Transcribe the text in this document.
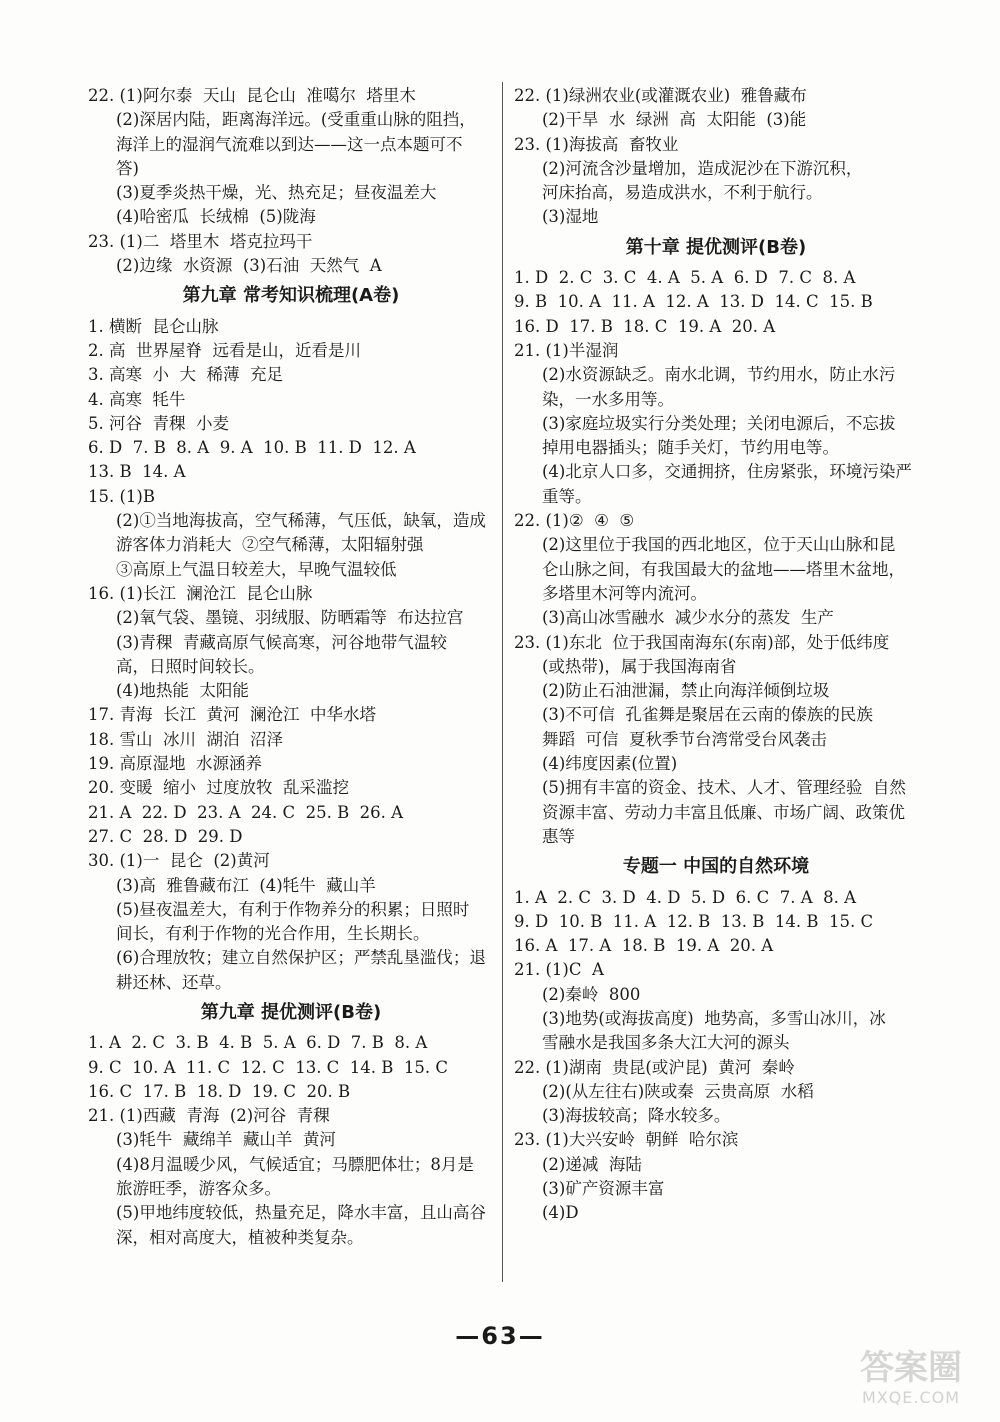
22. (1)阿尔泰  天山  昆仑山  准噶尔  塔里木
(2)深居内陆，距离海洋远。(受重重山脉的阻挡，
海洋上的湿润气流难以到达——这一点本题可不
答)
(3)夏季炎热干燥，光、热充足；昼夜温差大
(4)哈密瓜  长绒棉  (5)陇海
23. (1)二  塔里木  塔克拉玛干
(2)边缘  水资源  (3)石油  天然气  A
第九章 常考知识梳理(A卷)
1. 横断  昆仑山脉
2. 高  世界屋脊  远看是山，近看是川
3. 高寒  小  大  稀薄  充足
4. 高寒  牦牛
5. 河谷  青稞  小麦
6. D  7. B  8. A  9. A  10. B  11. D  12. A
13. B  14. A
15. (1)B
(2)①当地海拔高，空气稀薄，气压低，缺氧，造成
游客体力消耗大  ②空气稀薄，太阳辐射强
③高原上气温日较差大，早晚气温较低
16. (1)长江  澜沧江  昆仑山脉
(2)氧气袋、墨镜、羽绒服、防晒霜等  布达拉宫
(3)青稞  青藏高原气候高寒，河谷地带气温较
高，日照时间较长。
(4)地热能  太阳能
17. 青海  长江  黄河  澜沧江  中华水塔
18. 雪山  冰川  湖泊  沼泽
19. 高原湿地  水源涵养
20. 变暖  缩小  过度放牧  乱采滥挖
21. A  22. D  23. A  24. C  25. B  26. A
27. C  28. D  29. D
30. (1)一  昆仑  (2)黄河
(3)高  雅鲁藏布江  (4)牦牛  藏山羊
(5)昼夜温差大，有利于作物养分的积累；日照时
间长，有利于作物的光合作用，生长期长。
(6)合理放牧；建立自然保护区；严禁乱垦滥伐；退
耕还林、还草。
第九章 提优测评(B卷)
1. A  2. C  3. B  4. B  5. A  6. D  7. B  8. A
9. C  10. A  11. C  12. C  13. C  14. B  15. C
16. C  17. B  18. D  19. C  20. B
21. (1)西藏  青海  (2)河谷  青稞
(3)牦牛  藏绵羊  藏山羊  黄河
(4)8月温暖少风，气候适宜；马膘肥体壮；8月是
旅游旺季，游客众多。
(5)甲地纬度较低，热量充足，降水丰富，且山高谷
深，相对高度大，植被种类复杂。
22. (1)绿洲农业(或灌溉农业)  雅鲁藏布
(2)干旱  水  绿洲  高  太阳能  (3)能
23. (1)海拔高  畜牧业
(2)河流含沙量增加，造成泥沙在下游沉积，
河床抬高，易造成洪水，不利于航行。
(3)湿地
第十章 提优测评(B卷)
1. D  2. C  3. C  4. A  5. A  6. D  7. C  8. A
9. B  10. A  11. A  12. A  13. D  14. C  15. B
16. D  17. B  18. C  19. A  20. A
21. (1)半湿润
(2)水资源缺乏。南水北调，节约用水，防止水污
染，一水多用等。
(3)家庭垃圾实行分类处理；关闭电源后，不忘拔
掉用电器插头；随手关灯，节约用电等。
(4)北京人口多，交通拥挤，住房紧张，环境污染严
重等。
22. (1)②  ④  ⑤
(2)这里位于我国的西北地区，位于天山山脉和昆
仑山脉之间，有我国最大的盆地——塔里木盆地，
多塔里木河等内流河。
(3)高山冰雪融水  减少水分的蒸发  生产
23. (1)东北  位于我国南海东(东南)部，处于低纬度
(或热带)，属于我国海南省
(2)防止石油泄漏，禁止向海洋倾倒垃圾
(3)不可信  孔雀舞是聚居在云南的傣族的民族
舞蹈  可信  夏秋季节台湾常受台风袭击
(4)纬度因素(位置)
(5)拥有丰富的资金、技术、人才、管理经验  自然
资源丰富、劳动力丰富且低廉、市场广阔、政策优
惠等
专题一 中国的自然环境
1. A  2. C  3. D  4. D  5. D  6. C  7. A  8. A
9. D  10. B  11. A  12. B  13. B  14. B  15. C
16. A  17. A  18. B  19. A  20. A
21. (1)C  A
(2)秦岭  800
(3)地势(或海拔高度)  地势高，多雪山冰川，冰
雪融水是我国多条大江大河的源头
22. (1)湖南  贵昆(或沪昆)  黄河  秦岭
(2)(从左往右)陕或秦  云贵高原  水稻
(3)海拔较高；降水较多。
23. (1)大兴安岭  朝鲜  哈尔滨
(2)递减  海陆
(3)矿产资源丰富
(4)D
—63—
答案圈
MXQE.COM
